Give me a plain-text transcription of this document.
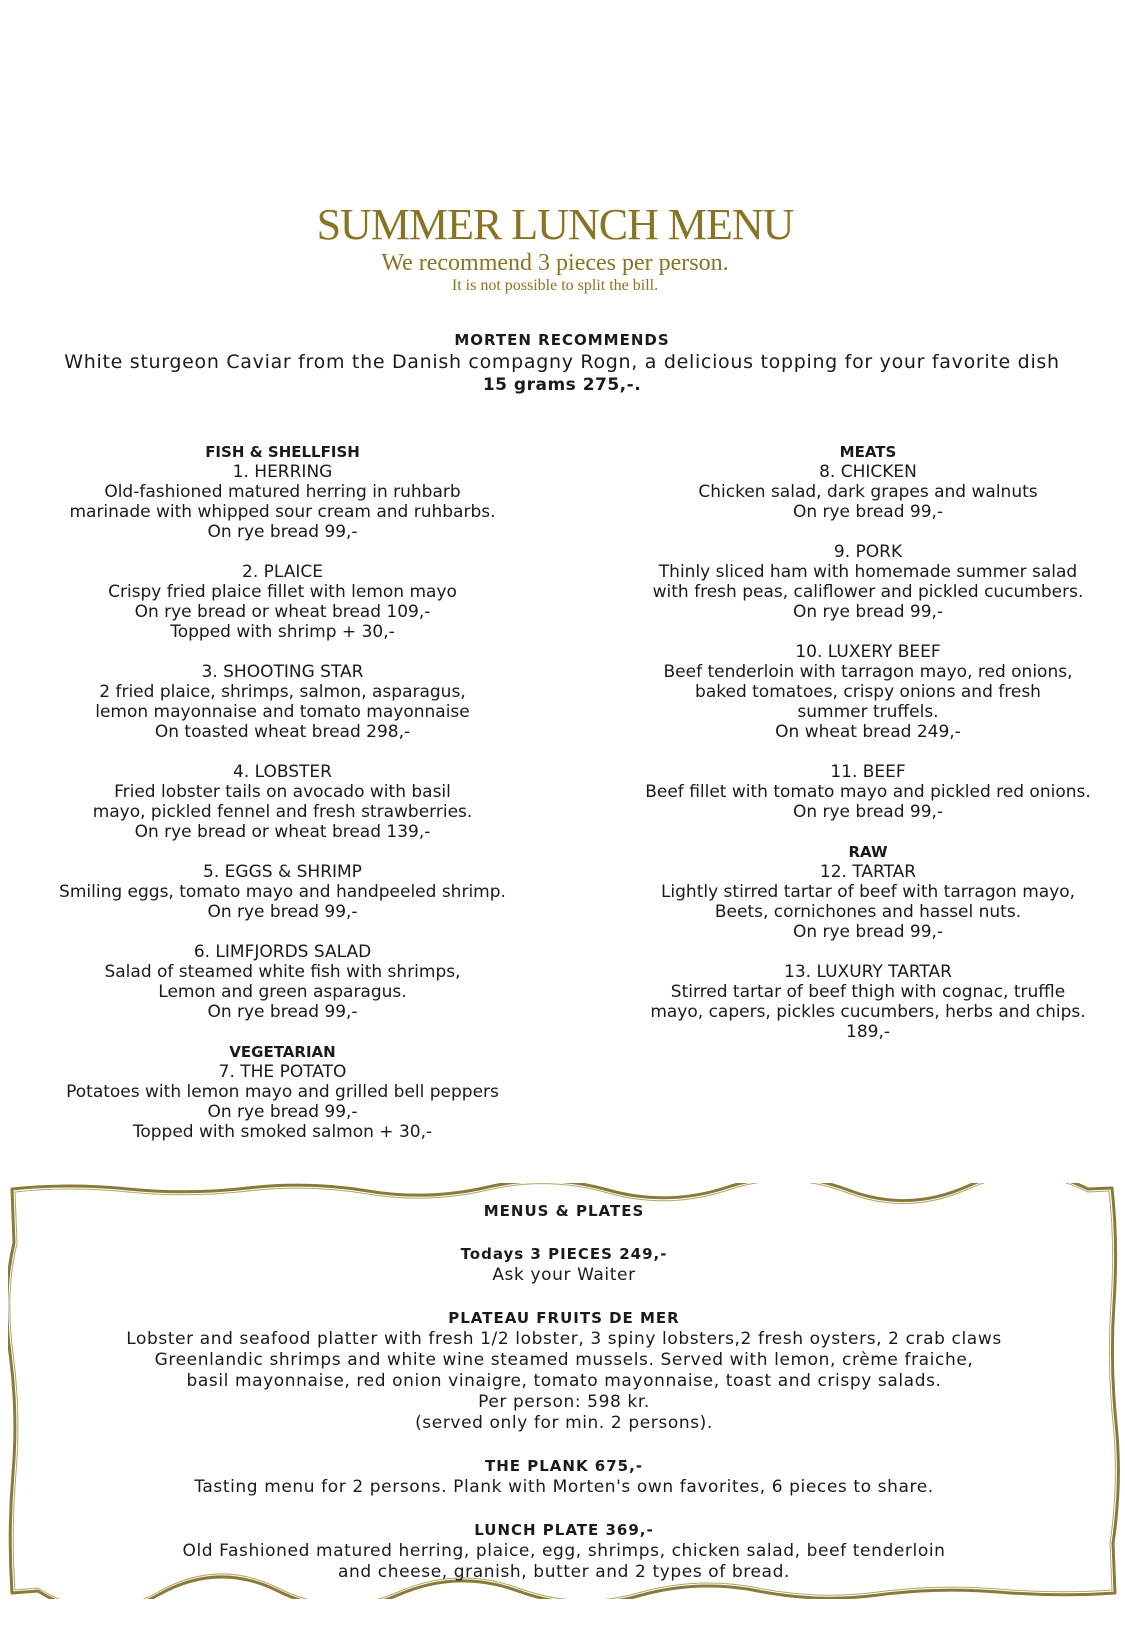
SUMMER LUNCH MENU
We recommend 3 pieces per person.
It is not possible to split the bill.
MORTEN RECOMMENDS
White sturgeon Caviar from the Danish compagny Rogn, a delicious topping for your favorite dish
15 grams 275,-.
FISH & SHELLFISH

1. HERRING

Old-fashioned matured herring in ruhbarb

marinade with whipped sour cream and ruhbarbs.

On rye bread 99,-

2. PLAICE

Crispy fried plaice fillet with lemon mayo

On rye bread or wheat bread 109,-

Topped with shrimp + 30,-

3. SHOOTING STAR

2 fried plaice, shrimps, salmon, asparagus,

lemon mayonnaise and tomato mayonnaise

On toasted wheat bread 298,-

4. LOBSTER

Fried lobster tails on avocado with basil

mayo, pickled fennel and fresh strawberries.

On rye bread or wheat bread 139,-

5. EGGS & SHRIMP

Smiling eggs, tomato mayo and handpeeled shrimp.

On rye bread 99,-

6. LIMFJORDS SALAD

Salad of steamed white fish with shrimps,

Lemon and green asparagus.

On rye bread 99,-

VEGETARIAN

7. THE POTATO

Potatoes with lemon mayo and grilled bell peppers

On rye bread 99,-

Topped with smoked salmon + 30,-

MEATS

8. CHICKEN

Chicken salad, dark grapes and walnuts

On rye bread 99,-

9. PORK

Thinly sliced ham with homemade summer salad

with fresh peas, califlower and pickled cucumbers.

On rye bread 99,-

10. LUXERY BEEF

Beef tenderloin with tarragon mayo, red onions,

baked tomatoes, crispy onions and fresh

summer truffels.

On wheat bread 249,-

11. BEEF

Beef fillet with tomato mayo and pickled red onions.

On rye bread 99,-

RAW

12. TARTAR

Lightly stirred tartar of beef with tarragon mayo,

Beets, cornichones and hassel nuts.

On rye bread 99,-

13. LUXURY TARTAR

Stirred tartar of beef thigh with cognac, truffle

mayo, capers, pickles cucumbers, herbs and chips.

189,-

MENUS & PLATES

Todays 3 PIECES 249,-

Ask your Waiter

PLATEAU FRUITS DE MER

Lobster and seafood platter with fresh 1/2 lobster, 3 spiny lobsters,2 fresh oysters, 2 crab claws

Greenlandic shrimps and white wine steamed mussels. Served with lemon, crème fraiche,

basil mayonnaise, red onion vinaigre, tomato mayonnaise, toast and crispy salads.

Per person: 598 kr.

(served only for min. 2 persons).

THE PLANK 675,-

Tasting menu for 2 persons. Plank with Morten's own favorites, 6 pieces to share.

LUNCH PLATE 369,-

Old Fashioned matured herring, plaice, egg, shrimps, chicken salad, beef tenderloin

and cheese, granish, butter and 2 types of bread.
